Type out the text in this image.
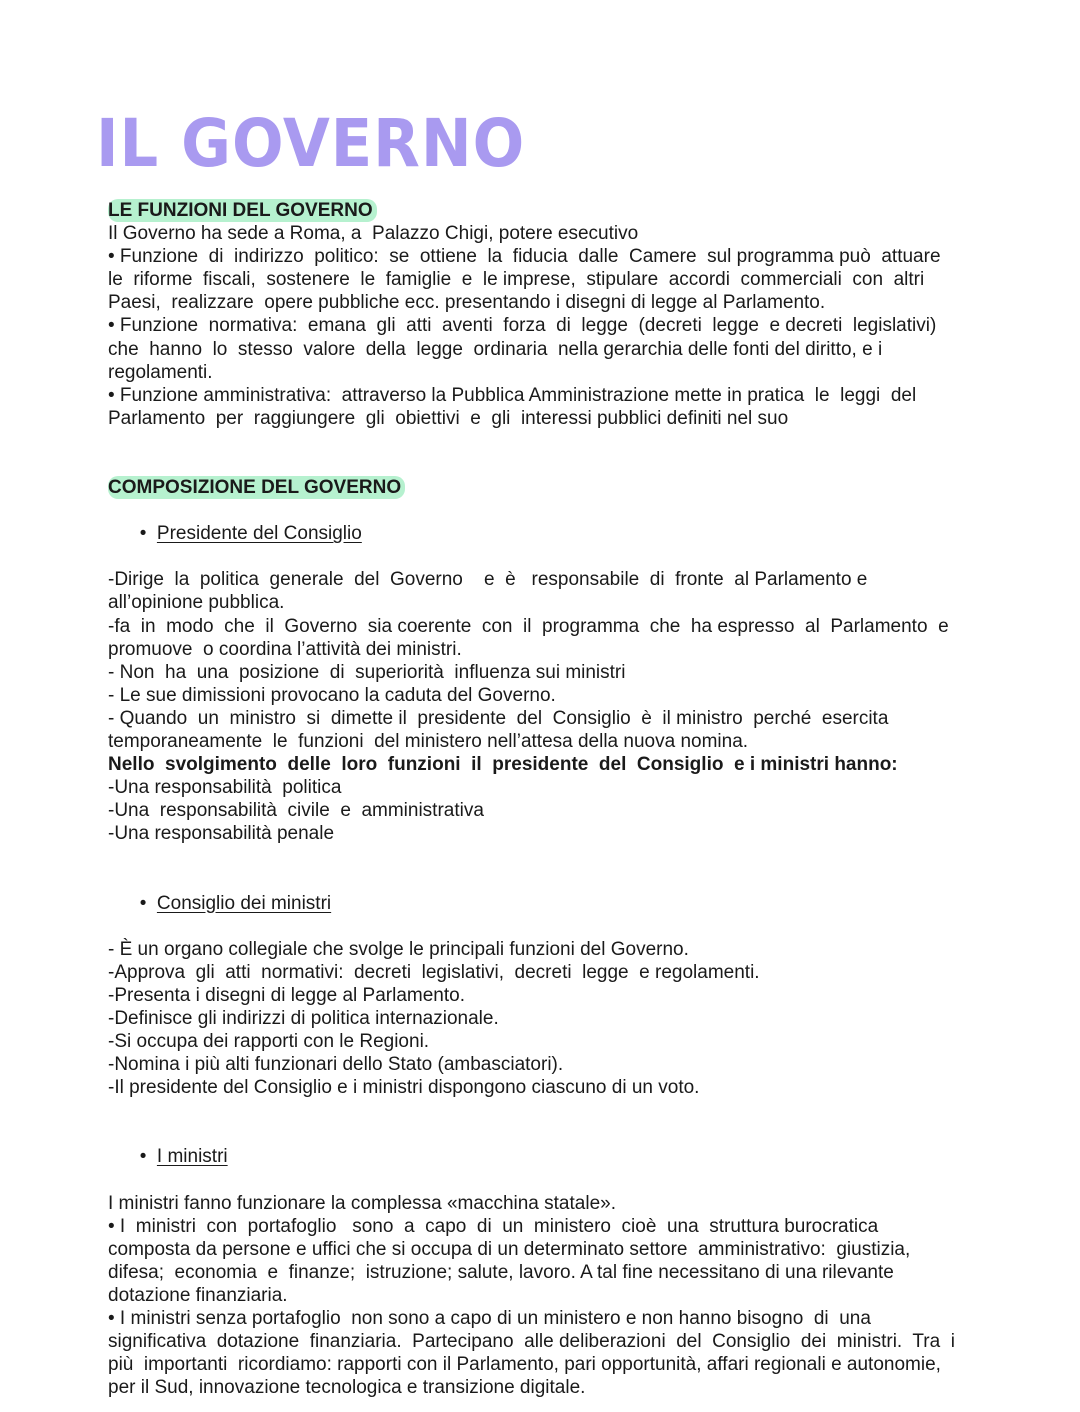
IL GOVERNO
LE FUNZIONI DEL GOVERNO
Il Governo ha sede a Roma, a  Palazzo Chigi, potere esecutivo
• Funzione  di  indirizzo  politico:  se  ottiene  la  fiducia  dalle  Camere  sul programma può  attuare
le  riforme  fiscali,  sostenere  le  famiglie  e  le imprese,  stipulare  accordi  commerciali  con  altri
Paesi,  realizzare  opere pubbliche ecc. presentando i disegni di legge al Parlamento.
• Funzione  normativa:  emana  gli  atti  aventi  forza  di  legge  (decreti  legge  e decreti  legislativi)
che  hanno  lo  stesso  valore  della  legge  ordinaria  nella gerarchia delle fonti del diritto, e i
regolamenti.
• Funzione amministrativa:  attraverso la Pubblica Amministrazione mette in pratica  le  leggi  del
Parlamento  per  raggiungere  gli  obiettivi  e  gli  interessi pubblici definiti nel suo
COMPOSIZIONE DEL GOVERNO

•  Presidente del Consiglio

-Dirige  la  politica  generale  del  Governo    e  è   responsabile  di  fronte  al Parlamento e
all’opinione pubblica.
-fa  in  modo  che  il  Governo  sia coerente  con  il  programma  che  ha espresso  al  Parlamento  e
promuove  o coordina l’attività dei ministri.
- Non  ha  una  posizione  di  superiorità  influenza sui ministri
- Le sue dimissioni provocano la caduta del Governo.
- Quando  un  ministro  si  dimette il  presidente  del  Consiglio  è  il ministro  perché  esercita
temporaneamente  le  funzioni  del ministero nell’attesa della nuova nomina.
Nello  svolgimento  delle  loro  funzioni  il  presidente  del  Consiglio  e i ministri hanno:
-Una responsabilità  politica
-Una  responsabilità  civile  e  amministrativa
-Una responsabilità penale

•  Consiglio dei ministri

- È un organo collegiale che svolge le principali funzioni del Governo.
-Approva  gli  atti  normativi:  decreti  legislativi,  decreti  legge  e regolamenti.
-Presenta i disegni di legge al Parlamento.
-Definisce gli indirizzi di politica internazionale.
-Si occupa dei rapporti con le Regioni.
-Nomina i più alti funzionari dello Stato (ambasciatori).
-Il presidente del Consiglio e i ministri dispongono ciascuno di un voto.

•  I ministri

I ministri fanno funzionare la complessa «macchina statale».
• I  ministri  con  portafoglio   sono  a  capo  di  un  ministero  cioè  una  struttura burocratica
composta da persone e uffici che si occupa di un determinato settore  amministrativo:  giustizia,
difesa;  economia  e  finanze;  istruzione; salute, lavoro. A tal fine necessitano di una rilevante
dotazione finanziaria.
• I ministri senza portafoglio  non sono a capo di un ministero e non hanno bisogno  di  una
significativa  dotazione  finanziaria.  Partecipano  alle deliberazioni  del  Consiglio  dei  ministri.  Tra  i
più  importanti  ricordiamo: rapporti con il Parlamento, pari opportunità, affari regionali e autonomie,
per il Sud, innovazione tecnologica e transizione digitale.
